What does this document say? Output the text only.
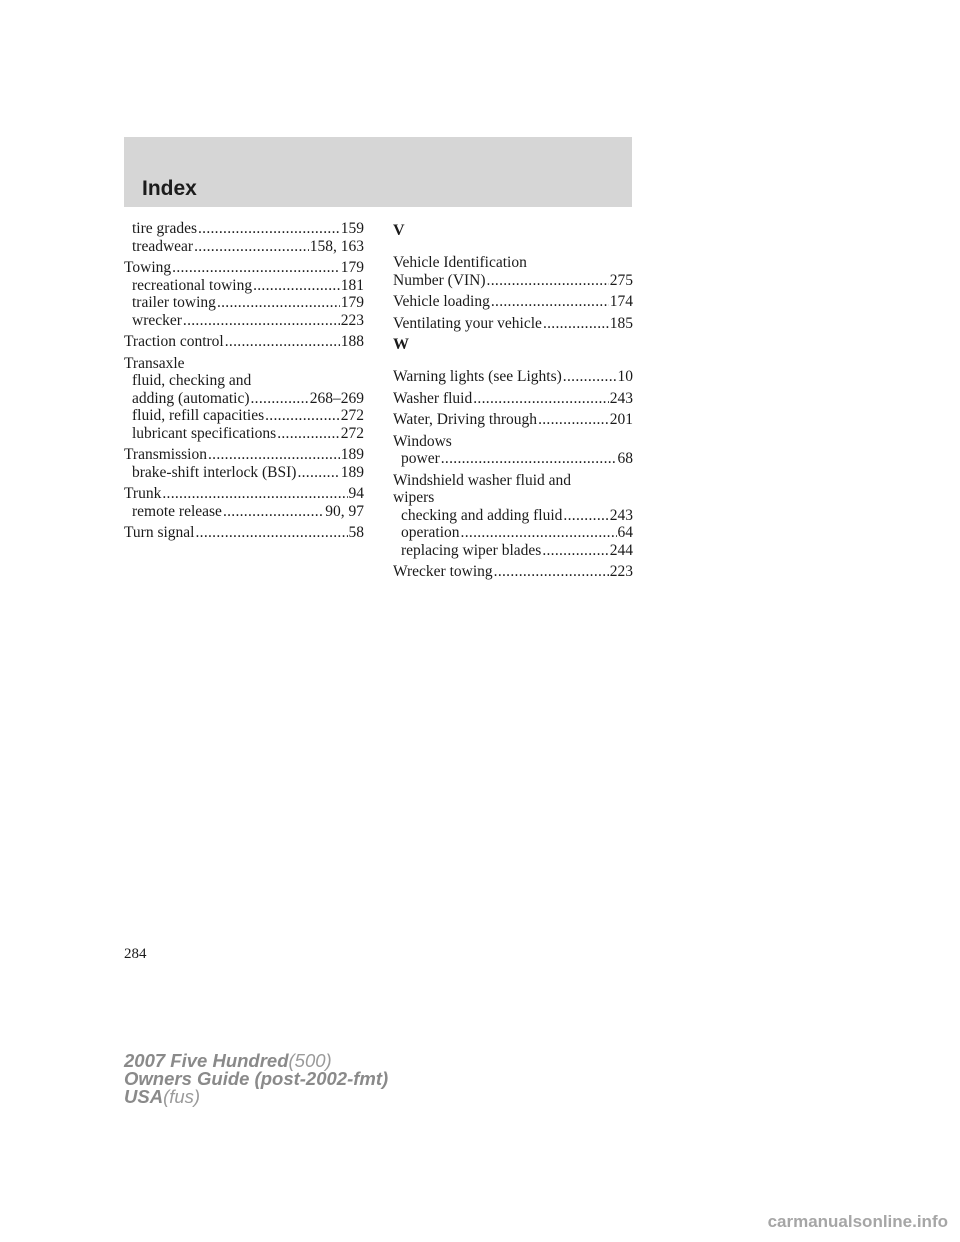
Index
tire grades .....	159
treadwear .....	158, 163
Towing .....	179
recreational towing .....	181
trailer towing .....	179
wrecker .....	223
Traction control .....	188
Transaxle
fluid, checking and
adding (automatic) .....	268–269
fluid, refill capacities .....	272
lubricant specifications .....	272
Transmission .....	189
brake-shift interlock (BSI) .....	189
Trunk .....	94
remote release .....	90, 97
Turn signal .....	58
V
Vehicle Identification
Number (VIN) .....	275
Vehicle loading .....	174
Ventilating your vehicle .....	185
W
Warning lights (see Lights) .....	10
Washer fluid .....	243
Water, Driving through .....	201
Windows
power .....	68
Windshield washer fluid and
wipers
checking and adding fluid .....	243
operation .....	64
replacing wiper blades .....	244
Wrecker towing .....	223
284
2007 Five Hundred(500)
Owners Guide (post-2002-fmt)
USA(fus)
carmanualsonline.info
